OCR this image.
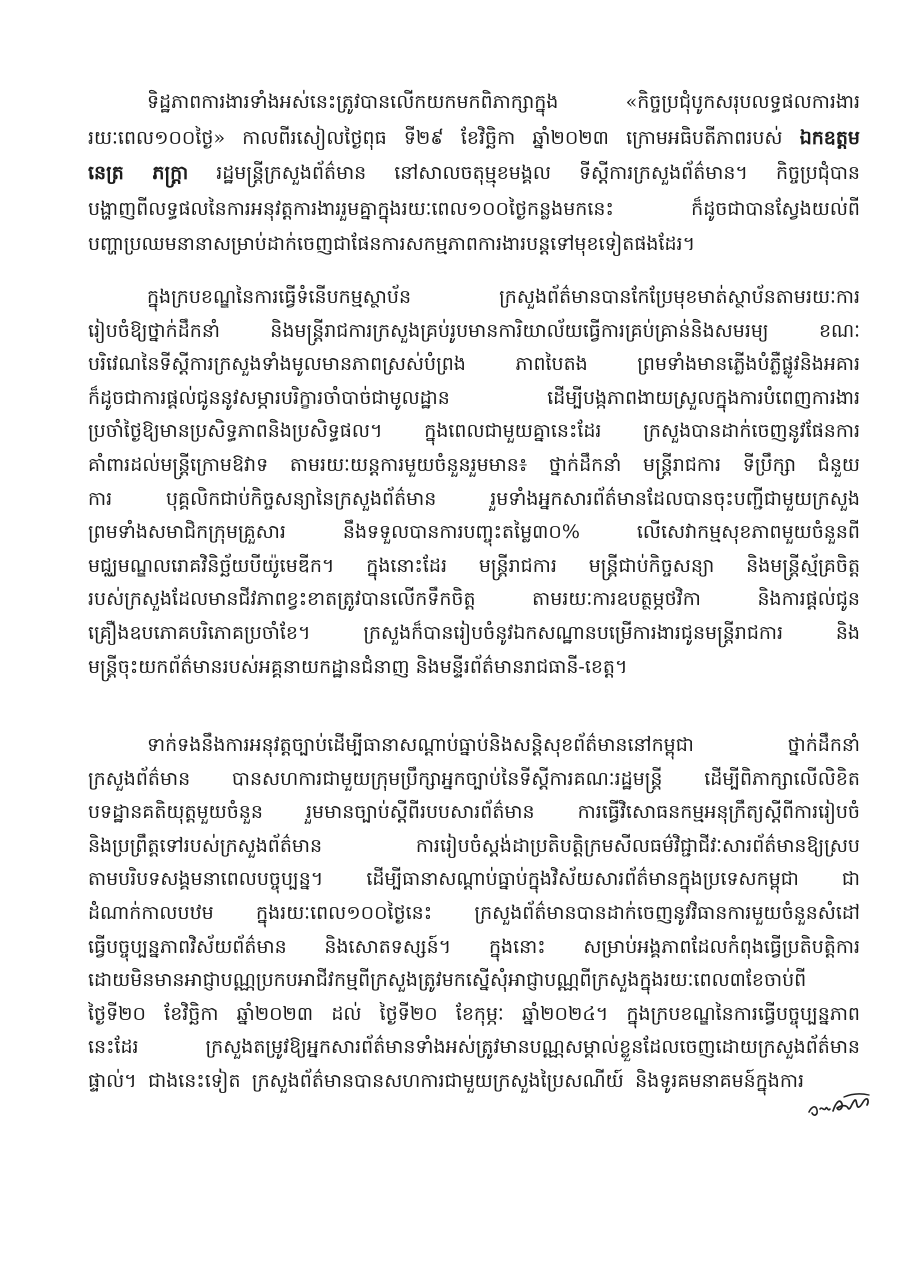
ទិដ្ឋភាពការងារទាំងអស់នេះត្រូវបានលើកយកមកពិភាក្សាក្នុង «កិច្ចប្រជុំបូកសរុបលទ្ធផលការងារ
រយៈពេល១០០ថ្ងៃ» កាលពីរសៀលថ្ងៃពុធ ទី២៩ ខែវិច្ឆិកា ឆ្នាំ២០២៣ ក្រោមអធិបតីភាពរបស់ ឯកឧត្តម
នេត្រ ភក្ត្រា រដ្ឋមន្ត្រីក្រសួងព័ត៌មាន នៅសាលចតុម្មុខមង្គល ទីស្តីការក្រសួងព័ត៌មាន។ កិច្ចប្រជុំបាន
បង្ហាញពីលទ្ធផលនៃការអនុវត្តការងាររួមគ្នាក្នុងរយៈពេល១០០ថ្ងៃកន្លងមកនេះ ក៏ដូចជាបានស្វែងយល់ពី
បញ្ហាប្រឈមនានាសម្រាប់ដាក់ចេញជាផែនការសកម្មភាពការងារបន្តទៅមុខទៀតផងដែរ។
ក្នុងក្របខណ្ឌនៃការធ្វើទំនើបកម្មស្ថាប័ន ក្រសួងព័ត៌មានបានកែប្រែមុខមាត់ស្ថាប័នតាមរយៈការ
រៀបចំឱ្យថ្នាក់ដឹកនាំ និងមន្ត្រីរាជការក្រសួងគ្រប់រូបមានការិយាល័យធ្វើការគ្រប់គ្រាន់និងសមរម្យ ខណៈ
បរិវេណនៃទីស្តីការក្រសួងទាំងមូលមានភាពស្រស់បំព្រង ភាពបៃតង ព្រមទាំងមានភ្លើងបំភ្លឺផ្លូវនិងអគារ
ក៏ដូចជាការផ្តល់ជូននូវសម្ភារបរិក្ខារចាំបាច់ជាមូលដ្ឋាន ដើម្បីបង្កភាពងាយស្រួលក្នុងការបំពេញការងារ
ប្រចាំថ្ងៃឱ្យមានប្រសិទ្ធភាពនិងប្រសិទ្ធផល។ ក្នុងពេលជាមួយគ្នានេះដែរ ក្រសួងបានដាក់ចេញនូវផែនការ
គាំពារដល់មន្ត្រីក្រោមឱវាទ តាមរយៈយន្តការមួយចំនួនរួមមាន៖ ថ្នាក់ដឹកនាំ មន្ត្រីរាជការ ទីប្រឹក្សា ជំនួយ
ការ បុគ្គលិកជាប់កិច្ចសន្យានៃក្រសួងព័ត៌មាន រួមទាំងអ្នកសារព័ត៌មានដែលបានចុះបញ្ជីជាមួយក្រសួង
ព្រមទាំងសមាជិកក្រុមគ្រួសារ នឹងទទួលបានការបញ្ចុះតម្លៃ៣០% លើសេវាកម្មសុខភាពមួយចំនួនពី
មជ្ឈមណ្ឌលរោគវិនិច្ឆ័យបីយ៉ូមេឌីក។ ក្នុងនោះដែរ មន្ត្រីរាជការ មន្ត្រីជាប់កិច្ចសន្យា និងមន្ត្រីស្ម័គ្រចិត្ត
របស់ក្រសួងដែលមានជីវភាពខ្វះខាតត្រូវបានលើកទឹកចិត្ត តាមរយៈការឧបត្ថម្ភថវិកា និងការផ្តល់ជូន
គ្រឿងឧបភោគបរិភោគប្រចាំខែ។ ក្រសួងក៏បានរៀបចំនូវឯកសណ្ឋានបម្រើការងារជូនមន្ត្រីរាជការ និង
មន្ត្រីចុះយកព័ត៌មានរបស់អគ្គនាយកដ្ឋានជំនាញ និងមន្ទីរព័ត៌មានរាជធានី-ខេត្ត។
ទាក់ទងនឹងការអនុវត្តច្បាប់ដើម្បីធានាសណ្តាប់ធ្នាប់និងសន្តិសុខព័ត៌មាននៅកម្ពុជា ថ្នាក់ដឹកនាំ
ក្រសួងព័ត៌មាន បានសហការជាមួយក្រុមប្រឹក្សាអ្នកច្បាប់នៃទីស្តីការគណៈរដ្ឋមន្ត្រី ដើម្បីពិភាក្សាលើលិខិត
បទដ្ឋានគតិយុត្តមួយចំនួន រួមមានច្បាប់ស្តីពីរបបសារព័ត៌មាន ការធ្វើវិសោធនកម្មអនុក្រឹត្យស្តីពីការរៀបចំ
និងប្រព្រឹត្តទៅរបស់ក្រសួងព័ត៌មាន ការរៀបចំស្តង់ដាប្រតិបត្តិក្រមសីលធម៌វិជ្ជាជីវៈសារព័ត៌មានឱ្យស្រប
តាមបរិបទសង្គមនាពេលបច្ចុប្បន្ន។ ដើម្បីធានាសណ្តាប់ធ្នាប់ក្នុងវិស័យសារព័ត៌មានក្នុងប្រទេសកម្ពុជា ជា
ដំណាក់កាលបឋម ក្នុងរយៈពេល១០០ថ្ងៃនេះ ក្រសួងព័ត៌មានបានដាក់ចេញនូវវិធានការមួយចំនួនសំដៅ
ធ្វើបច្ចុប្បន្នភាពវិស័យព័ត៌មាន និងសោតទស្សន៍។ ក្នុងនោះ សម្រាប់អង្គភាពដែលកំពុងធ្វើប្រតិបត្តិការ
ដោយមិនមានអាជ្ញាបណ្ណប្រកបអាជីវកម្មពីក្រសួងត្រូវមកស្នើសុំអាជ្ញាបណ្ណពីក្រសួងក្នុងរយៈពេល៣ខែចាប់ពី
ថ្ងៃទី២០ ខែវិច្ឆិកា ឆ្នាំ២០២៣ ដល់ ថ្ងៃទី២០ ខែកុម្ភៈ ឆ្នាំ២០២៤។ ក្នុងក្របខណ្ឌនៃការធ្វើបច្ចុប្បន្នភាព
នេះដែរ ក្រសួងតម្រូវឱ្យអ្នកសារព័ត៌មានទាំងអស់ត្រូវមានបណ្ណសម្គាល់ខ្លួនដែលចេញដោយក្រសួងព័ត៌មាន
ផ្ទាល់។ ជាងនេះទៀត ក្រសួងព័ត៌មានបានសហការជាមួយក្រសួងប្រៃសណីយ៍ និងទូរគមនាគមន៍ក្នុងការ
